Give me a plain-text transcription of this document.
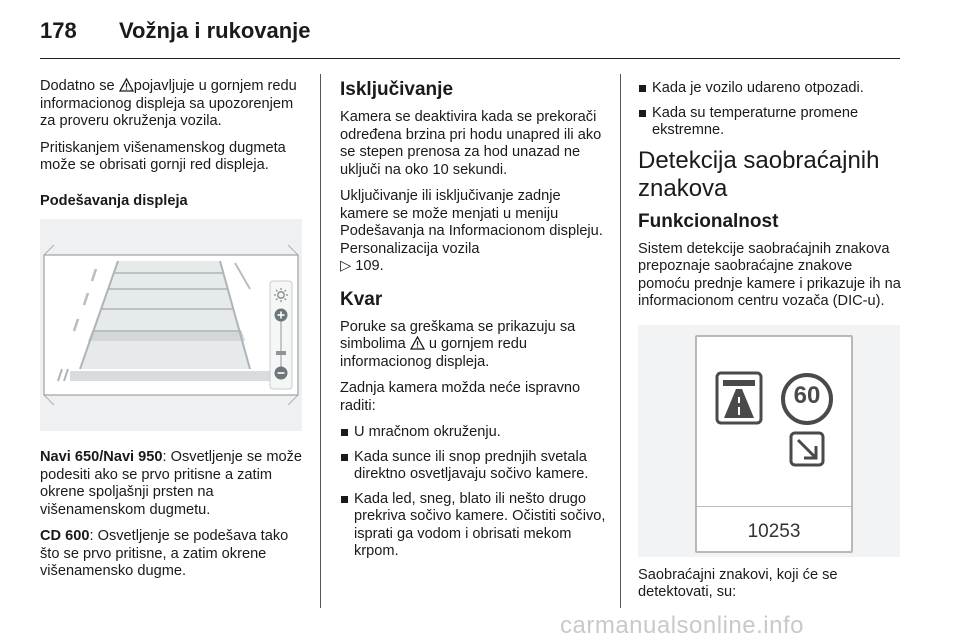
178 Vožnja i rukovanje

Dodatno se pojavljuje u gornjem redu informacionog displeja sa upozorenjem za proveru okruženja vozila.

Pritiskanjem višenamenskog dugmeta može se obrisati gornji red displeja.

Podešavanja displeja

Navi 650/Navi 950: Osvetljenje se može podesiti ako se prvo pritisne a zatim okrene spoljašnji prsten na višenamenskom dugmetu.

CD 600: Osvetljenje se podešava tako što se prvo pritisne, a zatim okrene višenamensko dugme.

Isključivanje

Kamera se deaktivira kada se prekorači određena brzina pri hodu unapred ili ako se stepen prenosa za hod unazad ne uključi na oko 10 sekundi.

Uključivanje ili isključivanje zadnje kamere se može menjati u meniju Podešavanja na Informacionom displeju. Personalizacija vozila
▷ 109.

Kvar

Poruke sa greškama se prikazuju sa simbolima  u gornjem redu informacionog displeja.

Zadnja kamera možda neće ispravno raditi:

U mračnom okruženju.
Kada sunce ili snop prednjih svetala direktno osvetljavaju sočivo kamere.
Kada led, sneg, blato ili nešto drugo prekriva sočivo kamere. Očistiti sočivo, isprati ga vodom i obrisati mekom krpom.
Kada je vozilo udareno otpozadi.
Kada su temperaturne promene ekstremne.

Detekcija saobraćajnih znakova

Funkcionalnost

Sistem detekcije saobraćajnih znakova prepoznaje saobraćajne znakove pomoću prednje kamere i prikazuje ih na informacionom centru vozača (DIC-u).

60
10253

Saobraćajni znakovi, koji će se detektovati, su:

carmanualsonline.info
